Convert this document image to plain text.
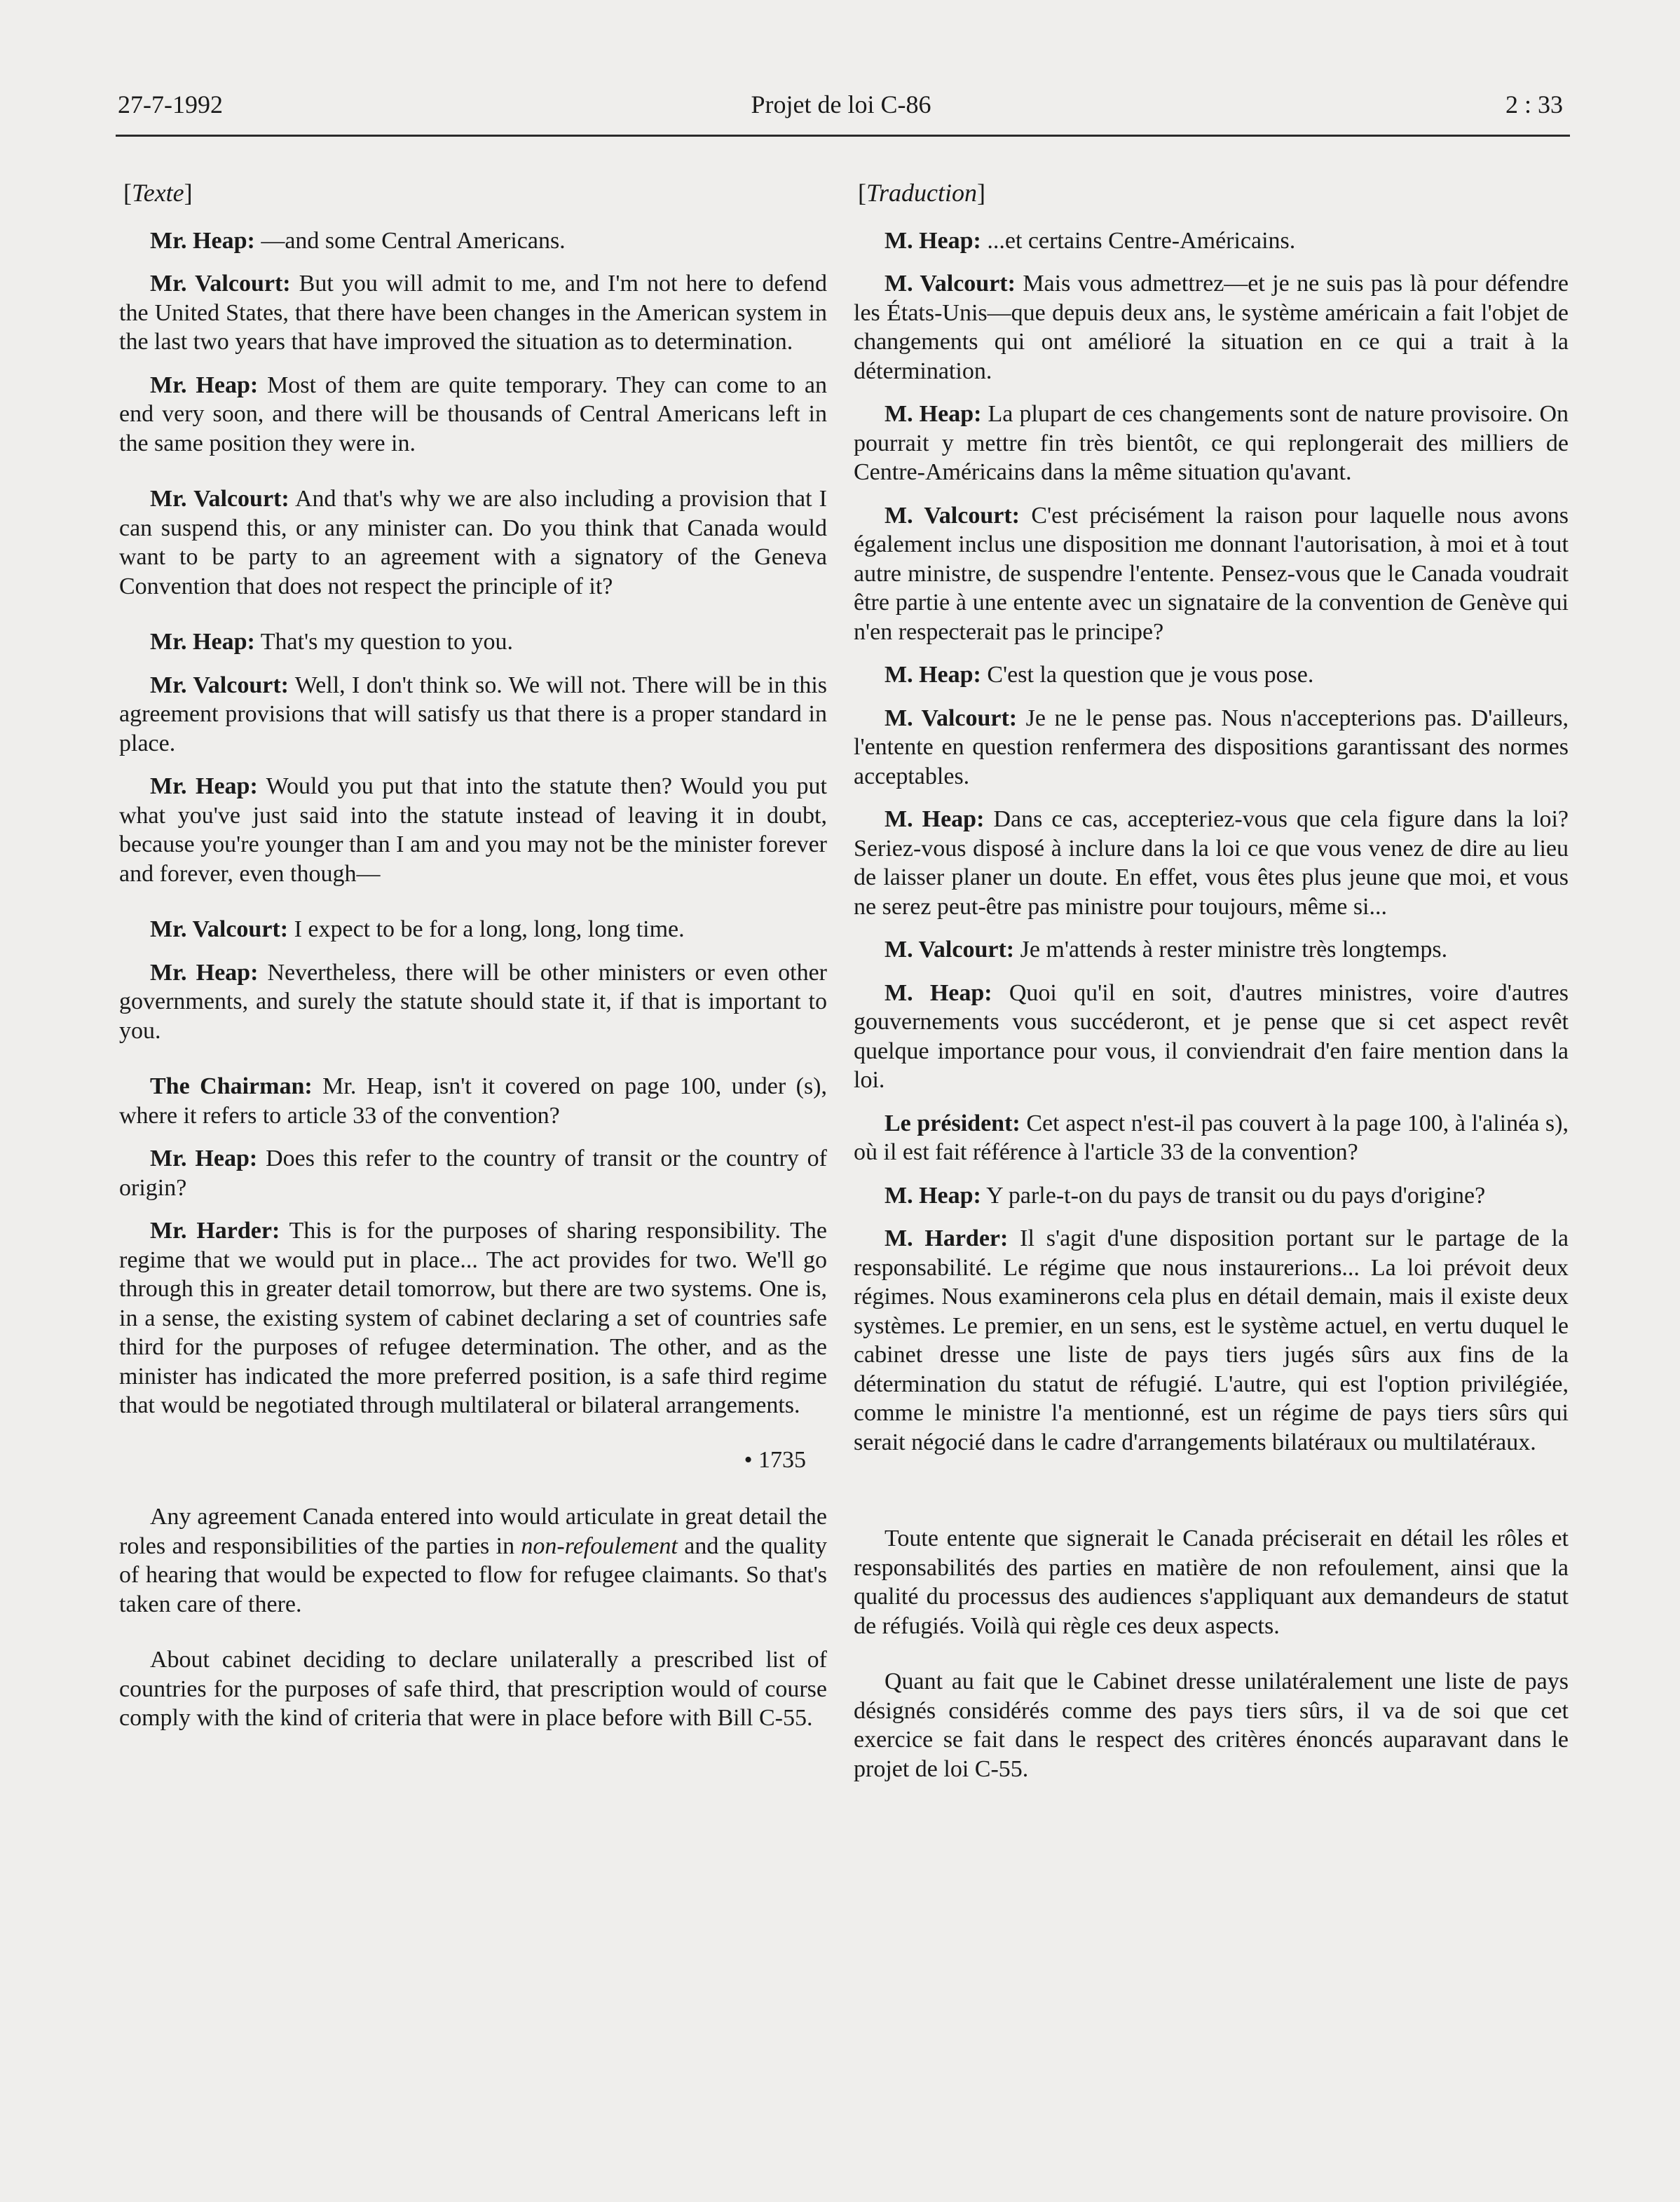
27-7-1992	Projet de loi C-86	2 : 33
[Texte]

Mr. Heap: —and some Central Americans.

Mr. Valcourt: But you will admit to me, and I'm not here to defend the United States, that there have been changes in the American system in the last two years that have improved the situation as to determination.

Mr. Heap: Most of them are quite temporary. They can come to an end very soon, and there will be thousands of Central Americans left in the same position they were in.

Mr. Valcourt: And that's why we are also including a provision that I can suspend this, or any minister can. Do you think that Canada would want to be party to an agreement with a signatory of the Geneva Convention that does not respect the principle of it?

Mr. Heap: That's my question to you.

Mr. Valcourt: Well, I don't think so. We will not. There will be in this agreement provisions that will satisfy us that there is a proper standard in place.

Mr. Heap: Would you put that into the statute then? Would you put what you've just said into the statute instead of leaving it in doubt, because you're younger than I am and you may not be the minister forever and forever, even though—

Mr. Valcourt: I expect to be for a long, long, long time.

Mr. Heap: Nevertheless, there will be other ministers or even other governments, and surely the statute should state it, if that is important to you.

The Chairman: Mr. Heap, isn't it covered on page 100, under (s), where it refers to article 33 of the convention?

Mr. Heap: Does this refer to the country of transit or the country of origin?

Mr. Harder: This is for the purposes of sharing responsibility. The regime that we would put in place... The act provides for two. We'll go through this in greater detail tomorrow, but there are two systems. One is, in a sense, the existing system of cabinet declaring a set of countries safe third for the purposes of refugee determination. The other, and as the minister has indicated the more preferred position, is a safe third regime that would be negotiated through multilateral or bilateral arrangements.

• 1735

Any agreement Canada entered into would articulate in great detail the roles and responsibilities of the parties in non-refoulement and the quality of hearing that would be expected to flow for refugee claimants. So that's taken care of there.

About cabinet deciding to declare unilaterally a prescribed list of countries for the purposes of safe third, that prescription would of course comply with the kind of criteria that were in place before with Bill C-55.

[Traduction]

M. Heap: ...et certains Centre-Américains.

M. Valcourt: Mais vous admettrez—et je ne suis pas là pour défendre les États-Unis—que depuis deux ans, le système américain a fait l'objet de changements qui ont amélioré la situation en ce qui a trait à la détermination.

M. Heap: La plupart de ces changements sont de nature provisoire. On pourrait y mettre fin très bientôt, ce qui replongerait des milliers de Centre-Américains dans la même situation qu'avant.

M. Valcourt: C'est précisément la raison pour laquelle nous avons également inclus une disposition me donnant l'autorisation, à moi et à tout autre ministre, de suspendre l'entente. Pensez-vous que le Canada voudrait être partie à une entente avec un signataire de la convention de Genève qui n'en respecterait pas le principe?

M. Heap: C'est la question que je vous pose.

M. Valcourt: Je ne le pense pas. Nous n'accepterions pas. D'ailleurs, l'entente en question renfermera des dispositions garantissant des normes acceptables.

M. Heap: Dans ce cas, accepteriez-vous que cela figure dans la loi? Seriez-vous disposé à inclure dans la loi ce que vous venez de dire au lieu de laisser planer un doute. En effet, vous êtes plus jeune que moi, et vous ne serez peut-être pas ministre pour toujours, même si...

M. Valcourt: Je m'attends à rester ministre très longtemps.

M. Heap: Quoi qu'il en soit, d'autres ministres, voire d'autres gouvernements vous succéderont, et je pense que si cet aspect revêt quelque importance pour vous, il conviendrait d'en faire mention dans la loi.

Le président: Cet aspect n'est-il pas couvert à la page 100, à l'alinéa s), où il est fait référence à l'article 33 de la convention?

M. Heap: Y parle-t-on du pays de transit ou du pays d'origine?

M. Harder: Il s'agit d'une disposition portant sur le partage de la responsabilité. Le régime que nous instaurerions... La loi prévoit deux régimes. Nous examinerons cela plus en détail demain, mais il existe deux systèmes. Le premier, en un sens, est le système actuel, en vertu duquel le cabinet dresse une liste de pays tiers jugés sûrs aux fins de la détermination du statut de réfugié. L'autre, qui est l'option privilégiée, comme le ministre l'a mentionné, est un régime de pays tiers sûrs qui serait négocié dans le cadre d'arrangements bilatéraux ou multilatéraux.

Toute entente que signerait le Canada préciserait en détail les rôles et responsabilités des parties en matière de non refoulement, ainsi que la qualité du processus des audiences s'appliquant aux demandeurs de statut de réfugiés. Voilà qui règle ces deux aspects.

Quant au fait que le Cabinet dresse unilatéralement une liste de pays désignés considérés comme des pays tiers sûrs, il va de soi que cet exercice se fait dans le respect des critères énoncés auparavant dans le projet de loi C-55.
